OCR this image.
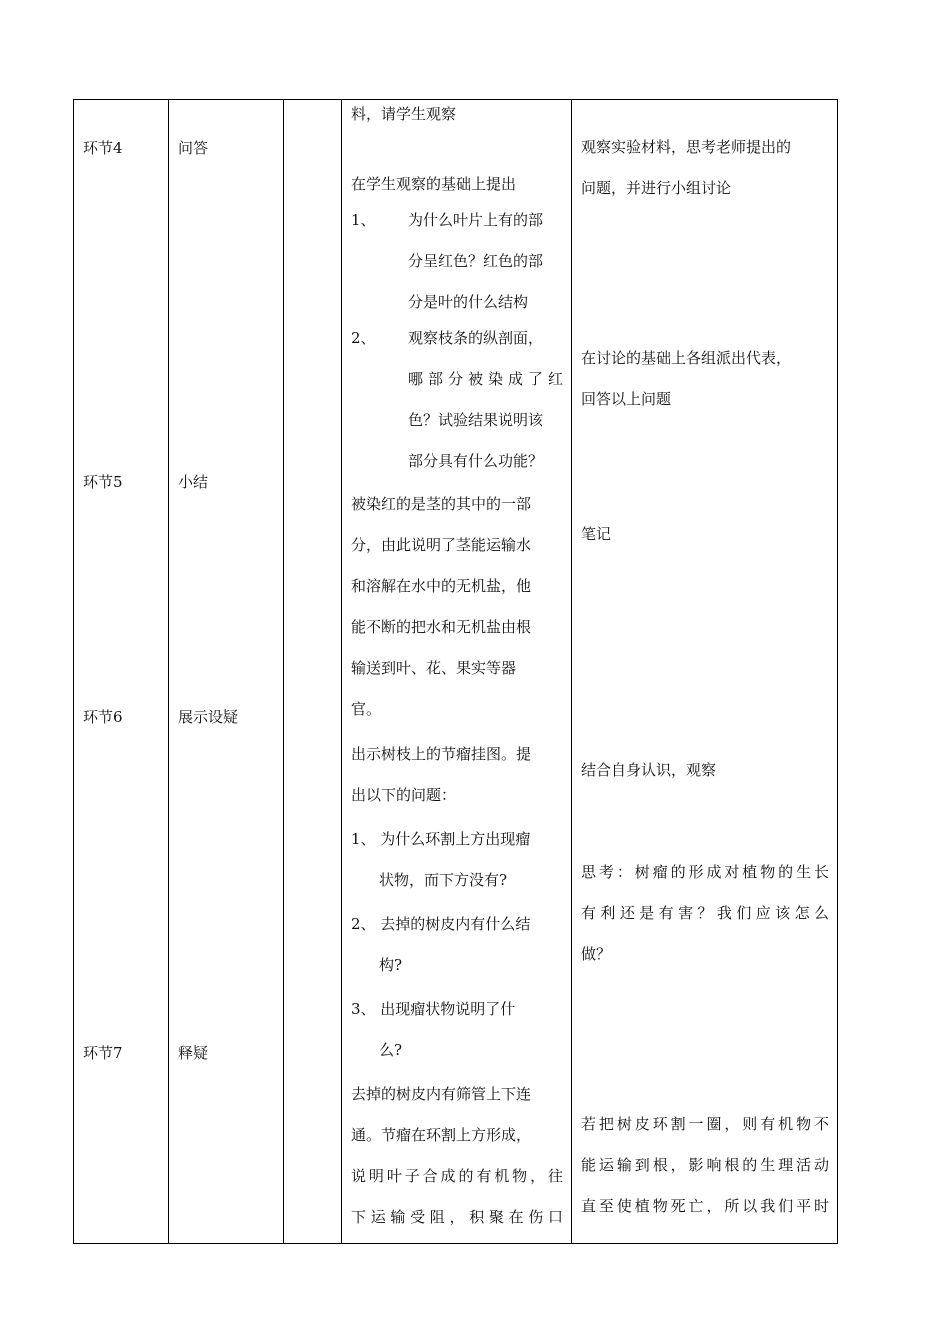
环节4
环节5
环节6
环节7
问答
小结
展示设疑
释疑
料，请学生观察
在学生观察的基础上提出
1、 为什么叶片上有的部
分呈红色？红色的部
分是叶的什么结构
2、 观察枝条的纵剖面，
哪部分被染成了红
色？试验结果说明该
部分具有什么功能？
被染红的是茎的其中的一部
分，由此说明了茎能运输水
和溶解在水中的无机盐，他
能不断的把水和无机盐由根
输送到叶、花、果实等器
官。
出示树枝上的节瘤挂图。提
出以下的问题：
1、 为什么环割上方出现瘤
状物，而下方没有?
2、 去掉的树皮内有什么结
构?
3、 出现瘤状物说明了什
么?
去掉的树皮内有筛管上下连
通。节瘤在环割上方形成，
说明叶子合成的有机物，往
下运输受阻，积聚在伤口
观察实验材料，思考老师提出的
问题，并进行小组讨论
在讨论的基础上各组派出代表，
回答以上问题
笔记
结合自身认识，观察
思考：树瘤的形成对植物的生长
有利还是有害？我们应该怎么
做？
若把树皮环割一圈，则有机物不
能运输到根，影响根的生理活动
直至使植物死亡，所以我们平时
